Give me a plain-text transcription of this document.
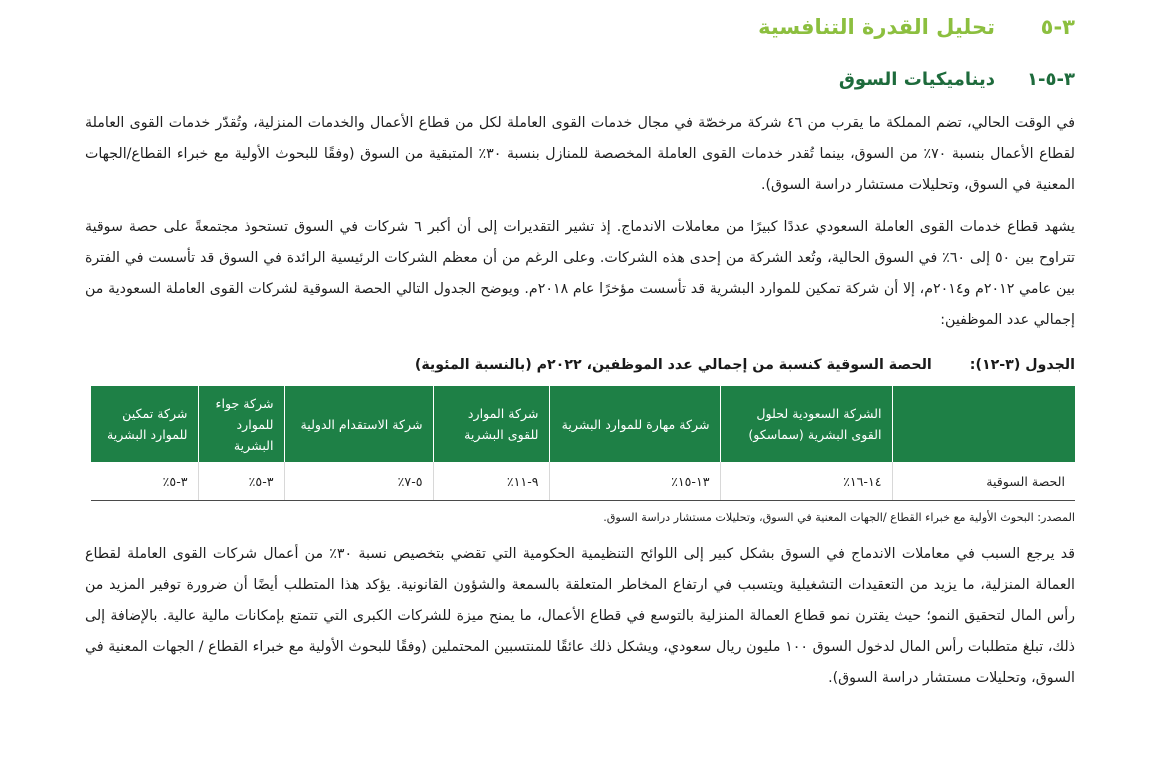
٣-٥
تحليل القدرة التنافسية
٣-٥-١
ديناميكيات السوق

في الوقت الحالي، تضم المملكة ما يقرب من ٤٦ شركة مرخصّة في مجال خدمات القوى العاملة لكل من قطاع الأعمال والخدمات المنزلية، وتُقدّر خدمات القوى العاملة لقطاع الأعمال بنسبة ٧٠٪ من السوق، بينما تُقدر خدمات القوى العاملة المخصصة للمنازل بنسبة ٣٠٪ المتبقية من السوق (وفقًا للبحوث الأولية مع خبراء القطاع/الجهات المعنية في السوق، وتحليلات مستشار دراسة السوق).

يشهد قطاع خدمات القوى العاملة السعودي عددًا كبيرًا من معاملات الاندماج. إذ تشير التقديرات إلى أن أكبر ٦ شركات في السوق تستحوذ مجتمعةً على حصة سوقية تتراوح بين ٥٠ إلى ٦٠٪ في السوق الحالية، وتُعد الشركة من إحدى هذه الشركات. وعلى الرغم من أن معظم الشركات الرئيسية الرائدة في السوق قد تأسست في الفترة بين عامي ٢٠١٢م و٢٠١٤م، إلا أن شركة تمكين للموارد البشرية قد تأسست مؤخرًا عام ٢٠١٨م. ويوضح الجدول التالي الحصة السوقية لشركات القوى العاملة السعودية من إجمالي عدد الموظفين:

الجدول (٣-١٢):
الحصة السوقية كنسبة من إجمالي عدد الموظفين، ٢٠٢٢م (بالنسبة المئوية)
	الشركة السعودية لحلول القوى البشرية (سماسكو)	شركة مهارة للموارد البشرية	شركة الموارد للقوى البشرية	شركة الاستقدام الدولية	شركة جواء للموارد البشرية	شركة تمكين للموارد البشرية
الحصة السوقية	١٤-١٦٪	١٣-١٥٪	٩-١١٪	٥-٧٪	٣-٥٪	٣-٥٪
المصدر: البحوث الأولية مع خبراء القطاع /الجهات المعنية في السوق، وتحليلات مستشار دراسة السوق.

قد يرجع السبب في معاملات الاندماج في السوق بشكل كبير إلى اللوائح التنظيمية الحكومية التي تقضي بتخصيص نسبة ٣٠٪ من أعمال شركات القوى العاملة لقطاع العمالة المنزلية، ما يزيد من التعقيدات التشغيلية ويتسبب في ارتفاع المخاطر المتعلقة بالسمعة والشؤون القانونية. يؤكد هذا المتطلب أيضًا أن ضرورة توفير المزيد من رأس المال لتحقيق النمو؛ حيث يقترن نمو قطاع العمالة المنزلية بالتوسع في قطاع الأعمال، ما يمنح ميزة للشركات الكبرى التي تتمتع بإمكانات مالية عالية. بالإضافة إلى ذلك، تبلغ متطلبات رأس المال لدخول السوق ١٠٠ مليون ريال سعودي، ويشكل ذلك عائقًا للمنتسبين المحتملين (وفقًا للبحوث الأولية مع خبراء القطاع / الجهات المعنية في السوق، وتحليلات مستشار دراسة السوق).
